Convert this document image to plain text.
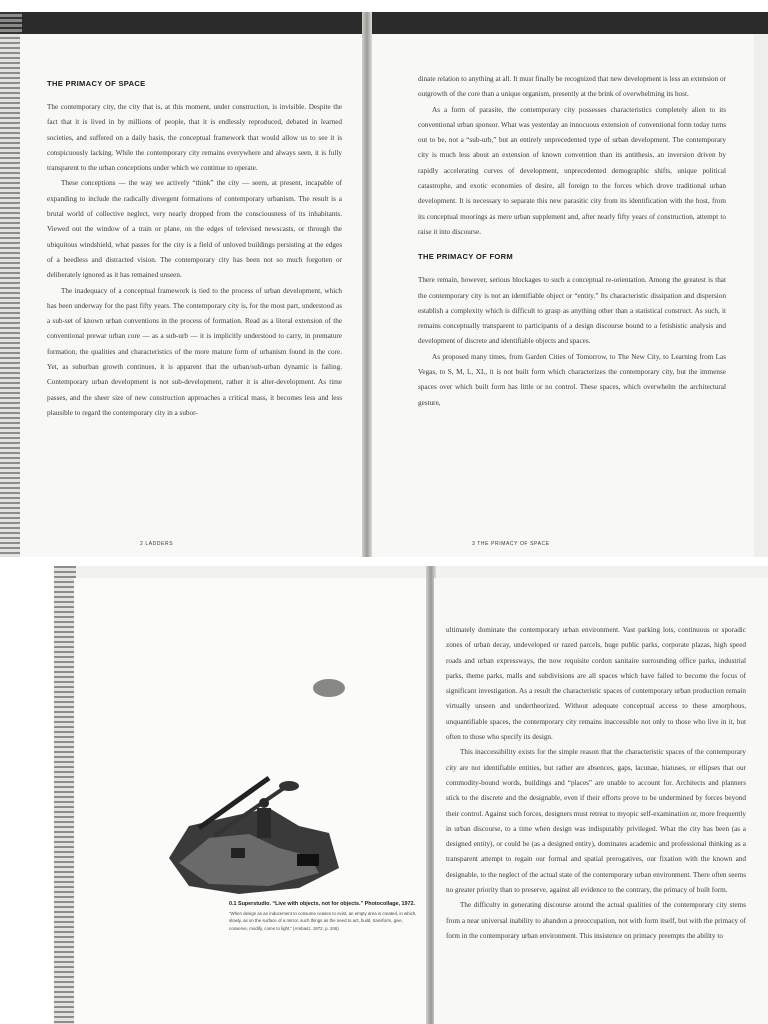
THE PRIMACY OF SPACE

The contemporary city, the city that is, at this moment, under construction, is invisible. Despite the fact that it is lived in by millions of people, that it is endlessly reproduced, debated in learned societies, and suffered on a daily basis, the conceptual framework that would allow us to see it is conspicuously lacking. While the contemporary city remains everywhere and always seen, it is fully transparent to the urban conceptions under which we continue to operate.

These conceptions — the way we actively “think” the city — seem, at present, incapable of expanding to include the radically divergent formations of contemporary urbanism. The result is a brutal world of collective neglect, very nearly dropped from the consciousness of its inhabitants. Viewed out the window of a train or plane, on the edges of televised newscasts, or through the ubiquitous windshield, what passes for the city is a field of unloved buildings persisting at the edges of a heedless and distracted vision. The contemporary city has been not so much forgotten or deliberately ignored as it has remained unseen.

The inadequacy of a conceptual framework is tied to the process of urban development, which has been underway for the past fifty years. The contemporary city is, for the most part, understood as a sub-set of known urban conventions in the process of formation. Read as a literal extension of the conventional prewar urban core — as a sub-urb — it is implicitly understood to carry, in premature formation, the qualities and characteristics of the more mature form of urbanism found in the core. Yet, as suburban growth continues, it is apparent that the urban/sub-urban dynamic is failing. Contemporary urban development is not sub-development, rather it is alter-development. As time passes, and the sheer size of new construction approaches a critical mass, it becomes less and less plausible to regard the contemporary city in a subor-

2 LADDERS

dinate relation to anything at all. It must finally be recognized that new development is less an extension or outgrowth of the core than a unique organism, presently at the brink of overwhelming its host.

As a form of parasite, the contemporary city possesses characteristics completely alien to its conventional urban sponsor. What was yesterday an innocuous extension of conventional form today turns out to be, not a “sub-urb,” but an entirely unprecedented type of urban development. The contemporary city is much less about an extension of known convention than its antithesis, an inversion driven by rapidly accelerating curves of development, unprecedented demographic shifts, unique political catastrophe, and exotic economies of desire, all foreign to the forces which drove traditional urban development. It is necessary to separate this new parasitic city from its identification with the host, from its conceptual moorings as mere urban supplement and, after nearly fifty years of construction, attempt to raise it into discourse.

THE PRIMACY OF FORM

There remain, however, serious blockages to such a conceptual re-orientation. Among the greatest is that the contemporary city is not an identifiable object or “entity.” Its characteristic dissipation and dispersion establish a complexity which is difficult to grasp as anything other than a statistical construct. As such, it remains conceptually transparent to participants of a design discourse bound to a fetishistic analysis and development of discrete and identifiable objects and spaces.

As proposed many times, from Garden Cities of Tomorrow, to The New City, to Learning from Las Vegas, to S, M, L, XL, it is not built form which characterizes the contemporary city, but the immense spaces over which built form has little or no control. These spaces, which overwhelm the architectural gesture,

3 THE PRIMACY OF SPACE

0.1 Superstudio. “Live with objects, not for objects.” Photocollage, 1972.

“When design as an inducement to consume ceases to exist, an empty area is created, in which, slowly, as on the surface of a mirror, such things as the need to act, build, transform, give, conserve, modify, come to light.” (Ambasz, 1972, p. 246)

ultimately dominate the contemporary urban environment. Vast parking lots, continuous or sporadic zones of urban decay, undeveloped or razed parcels, huge public parks, corporate plazas, high speed roads and urban expressways, the now requisite cordon sanitaire surrounding office parks, industrial parks, theme parks, malls and subdivisions are all spaces which have failed to become the focus of significant investigation. As a result the characteristic spaces of contemporary urban production remain virtually unseen and undertheorized. Without adequate conceptual access to these amorphous, unquantifiable spaces, the contemporary city remains inaccessible not only to those who live in it, but often to those who specify its design.

This inaccessibility exists for the simple reason that the characteristic spaces of the contemporary city are not identifiable entities, but rather are absences, gaps, lacunae, hiatuses, or ellipses that our commodity-bound words, buildings and “places” are unable to account for. Architects and planners stick to the discrete and the designable, even if their efforts prove to be undermined by forces beyond their control. Against such forces, designers must retreat to myopic self-examination or, more frequently in urban discourse, to a time when design was indisputably privileged. What the city has been (as a designed entity), or could be (as a designed entity), dominates academic and professional thinking as a transparent attempt to regain our formal and spatial prerogatives, our fixation with the known and designable, to the neglect of the actual state of the contemporary urban environment. There often seems no greater priority than to preserve, against all evidence to the contrary, the primacy of built form.

The difficulty in generating discourse around the actual qualities of the contemporary city stems from a near universal inability to abandon a preoccupation, not with form itself, but with the primacy of form in the contemporary urban environment. This insistence on primacy preempts the ability to
